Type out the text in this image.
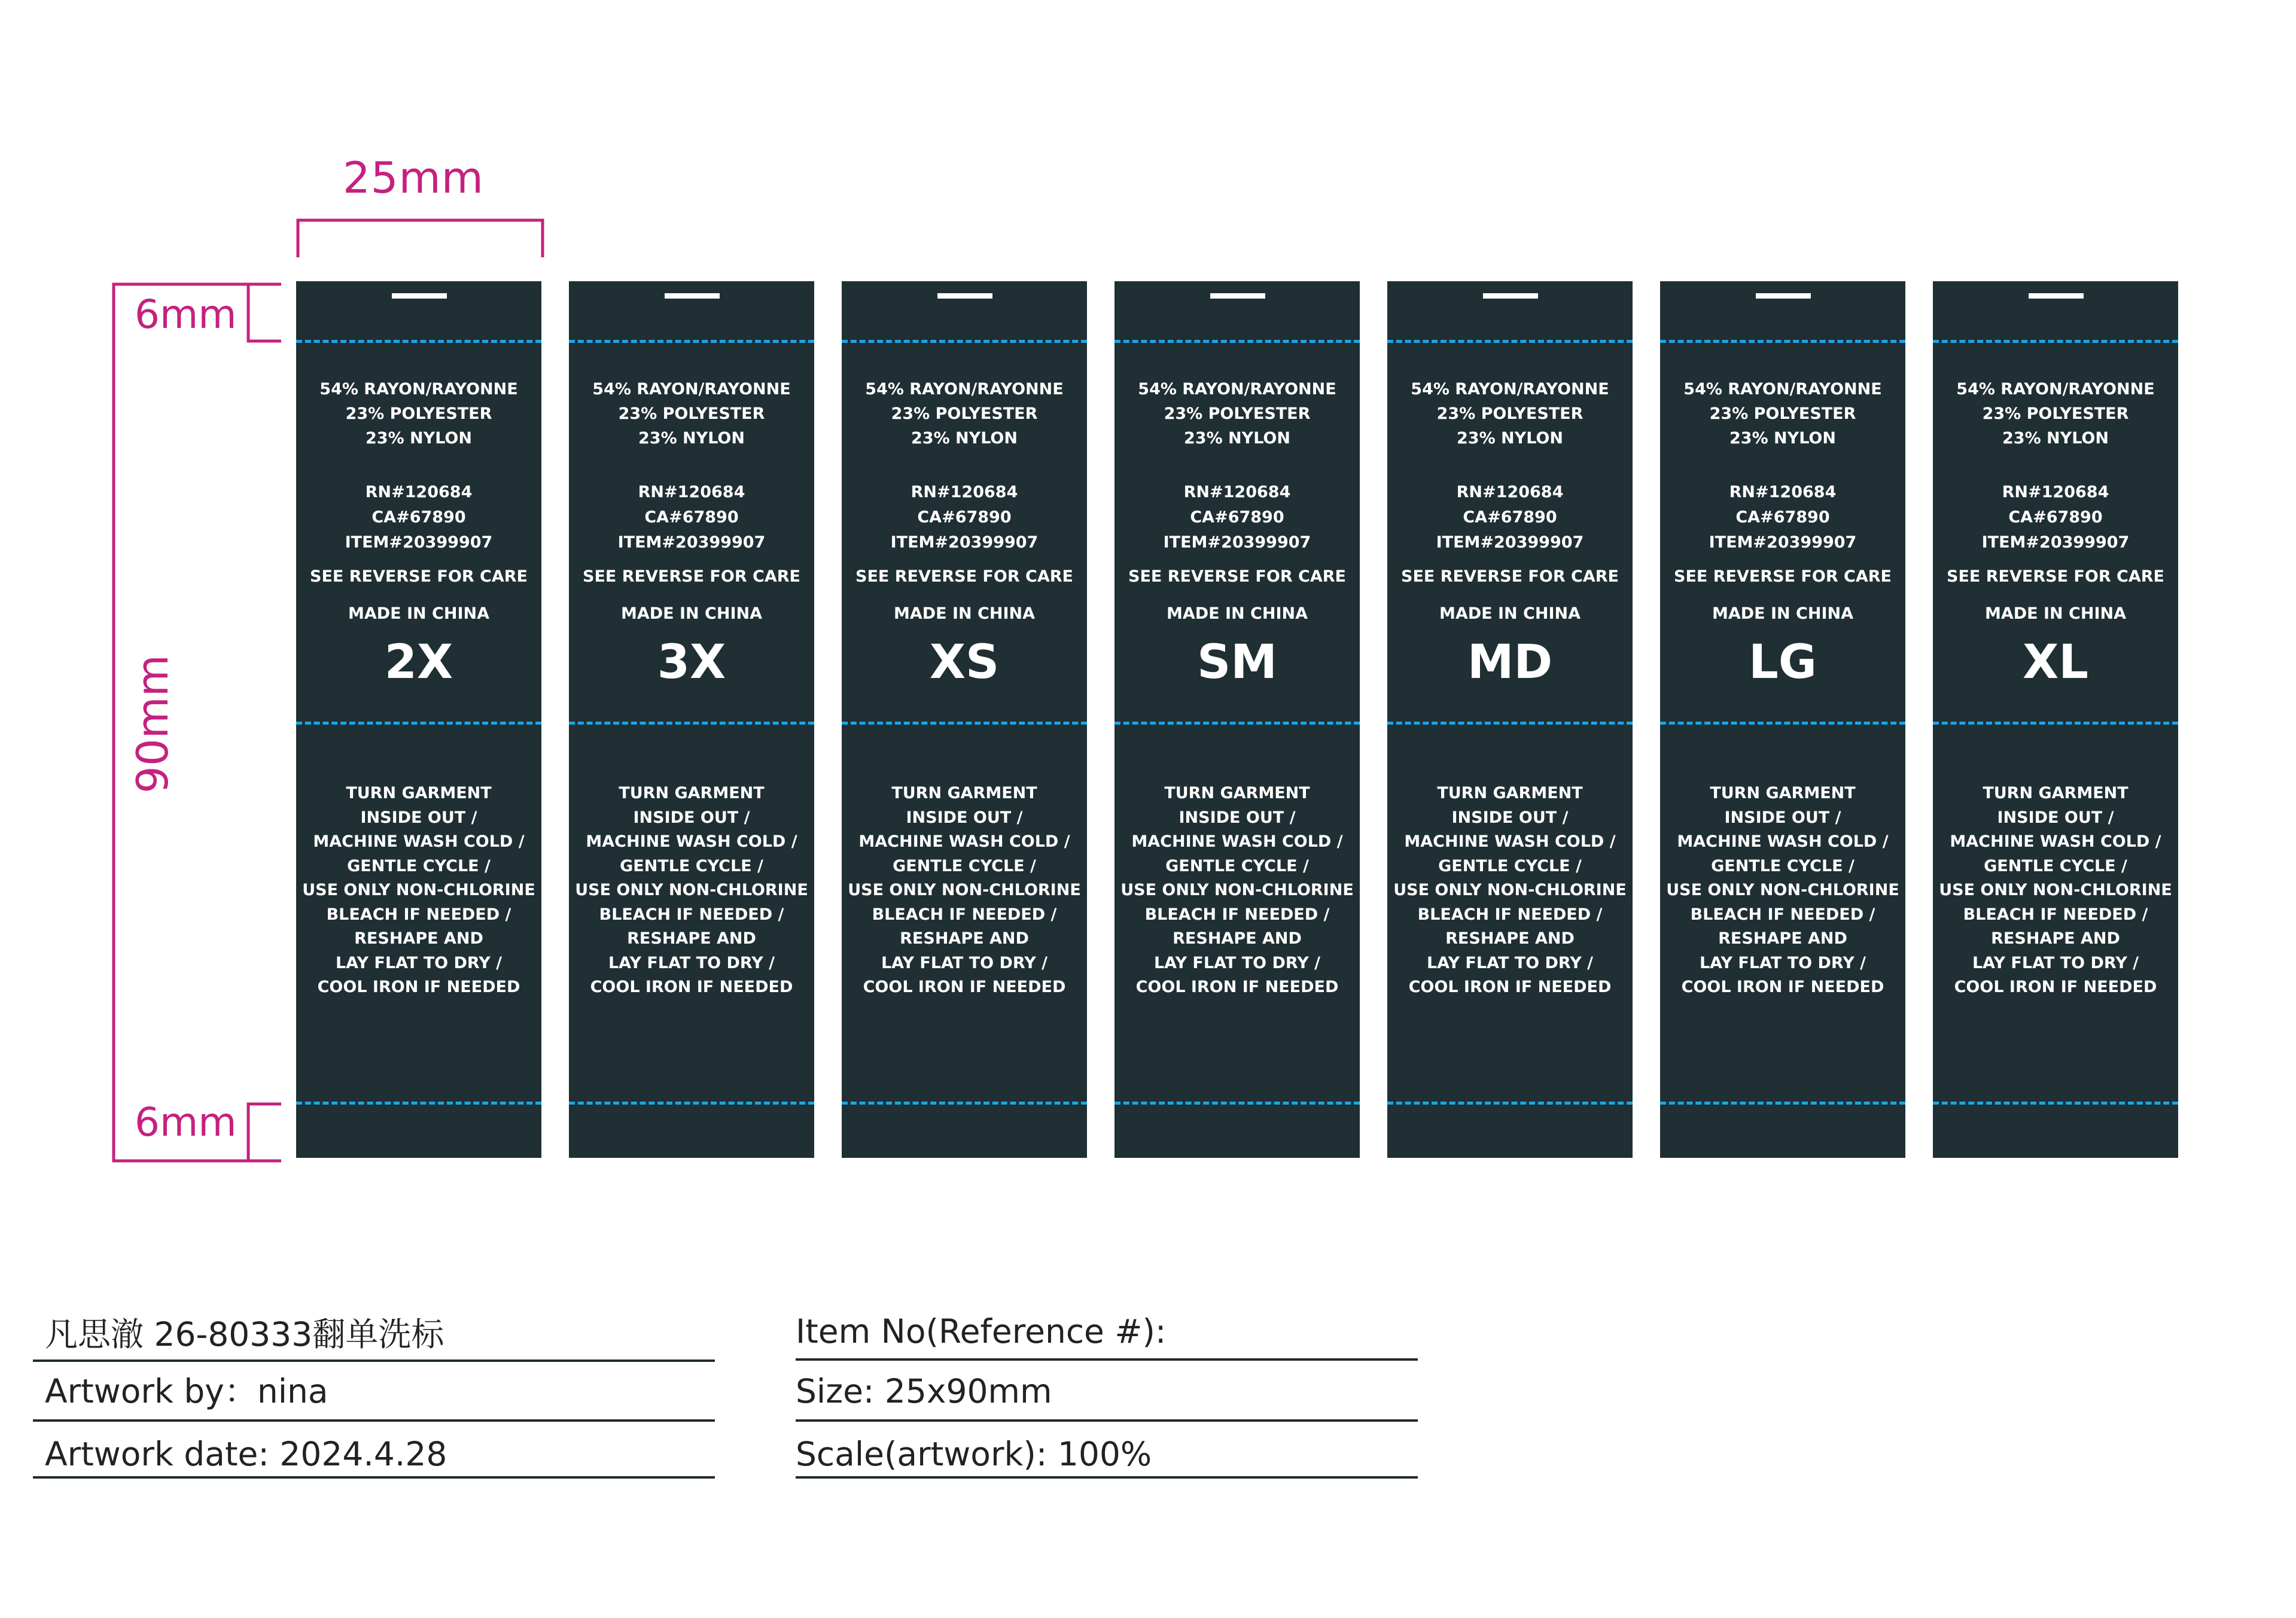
25mm
6mm
90mm
6mm
54% RAYON/RAYONNE
23% POLYESTER
23% NYLON
RN#120684
CA#67890
ITEM#20399907
SEE REVERSE FOR CARE
MADE IN CHINA
2X
TURN GARMENT
INSIDE OUT /
MACHINE WASH COLD /
GENTLE CYCLE /
USE ONLY NON-CHLORINE
BLEACH IF NEEDED /
RESHAPE AND
LAY FLAT TO DRY /
COOL IRON IF NEEDED
54% RAYON/RAYONNE
23% POLYESTER
23% NYLON
RN#120684
CA#67890
ITEM#20399907
SEE REVERSE FOR CARE
MADE IN CHINA
3X
TURN GARMENT
INSIDE OUT /
MACHINE WASH COLD /
GENTLE CYCLE /
USE ONLY NON-CHLORINE
BLEACH IF NEEDED /
RESHAPE AND
LAY FLAT TO DRY /
COOL IRON IF NEEDED
54% RAYON/RAYONNE
23% POLYESTER
23% NYLON
RN#120684
CA#67890
ITEM#20399907
SEE REVERSE FOR CARE
MADE IN CHINA
XS
TURN GARMENT
INSIDE OUT /
MACHINE WASH COLD /
GENTLE CYCLE /
USE ONLY NON-CHLORINE
BLEACH IF NEEDED /
RESHAPE AND
LAY FLAT TO DRY /
COOL IRON IF NEEDED
54% RAYON/RAYONNE
23% POLYESTER
23% NYLON
RN#120684
CA#67890
ITEM#20399907
SEE REVERSE FOR CARE
MADE IN CHINA
SM
TURN GARMENT
INSIDE OUT /
MACHINE WASH COLD /
GENTLE CYCLE /
USE ONLY NON-CHLORINE
BLEACH IF NEEDED /
RESHAPE AND
LAY FLAT TO DRY /
COOL IRON IF NEEDED
54% RAYON/RAYONNE
23% POLYESTER
23% NYLON
RN#120684
CA#67890
ITEM#20399907
SEE REVERSE FOR CARE
MADE IN CHINA
MD
TURN GARMENT
INSIDE OUT /
MACHINE WASH COLD /
GENTLE CYCLE /
USE ONLY NON-CHLORINE
BLEACH IF NEEDED /
RESHAPE AND
LAY FLAT TO DRY /
COOL IRON IF NEEDED
54% RAYON/RAYONNE
23% POLYESTER
23% NYLON
RN#120684
CA#67890
ITEM#20399907
SEE REVERSE FOR CARE
MADE IN CHINA
LG
TURN GARMENT
INSIDE OUT /
MACHINE WASH COLD /
GENTLE CYCLE /
USE ONLY NON-CHLORINE
BLEACH IF NEEDED /
RESHAPE AND
LAY FLAT TO DRY /
COOL IRON IF NEEDED
54% RAYON/RAYONNE
23% POLYESTER
23% NYLON
RN#120684
CA#67890
ITEM#20399907
SEE REVERSE FOR CARE
MADE IN CHINA
XL
TURN GARMENT
INSIDE OUT /
MACHINE WASH COLD /
GENTLE CYCLE /
USE ONLY NON-CHLORINE
BLEACH IF NEEDED /
RESHAPE AND
LAY FLAT TO DRY /
COOL IRON IF NEEDED
凡思澈 26-80333翻单洗标
Artwork by：nina
Artwork date: 2024.4.28
Item No(Reference #):
Size: 25x90mm
Scale(artwork): 100%
